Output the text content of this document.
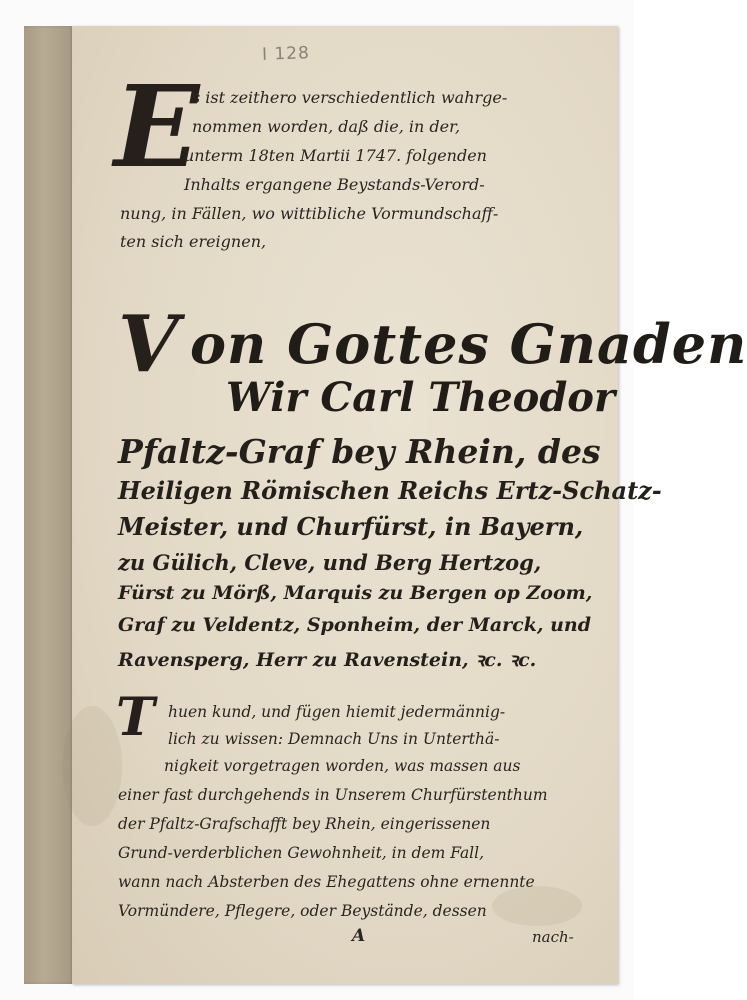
I 128
E
s ist zeithero verschiedentlich wahrge-
nommen worden, daß die, in der,
unterm 18ten Martii 1747. folgenden
Inhalts ergangene Beystands-Verord-
nung, in Fällen, wo wittibliche Vormundschaff-
ten sich ereignen,
V on Gottes Gnaden
Wir Carl Theodor
Pfaltz-Graf bey Rhein, des
Heiligen Römischen Reichs Ertz-Schatz-
Meister, und Churfürst, in Bayern,
zu Gülich, Cleve, und Berg Hertzog,
Fürst zu Mörß, Marquis zu Bergen op Zoom,
Graf zu Veldentz, Sponheim, der Marck, und
Ravensperg, Herr zu Ravenstein, ꝛc. ꝛc.
T huen kund, und fügen hiemit jedermännig-
lich zu wissen: Demnach Uns in Unterthä-
nigkeit vorgetragen worden, was massen aus
einer fast durchgehends in Unserem Churfürstenthum
der Pfaltz-Grafschafft bey Rhein, eingerissenen
Grund-verderblichen Gewohnheit, in dem Fall,
wann nach Absterben des Ehegattens ohne ernennte
Vormündere, Pflegere, oder Beystände, dessen
A	nach-
